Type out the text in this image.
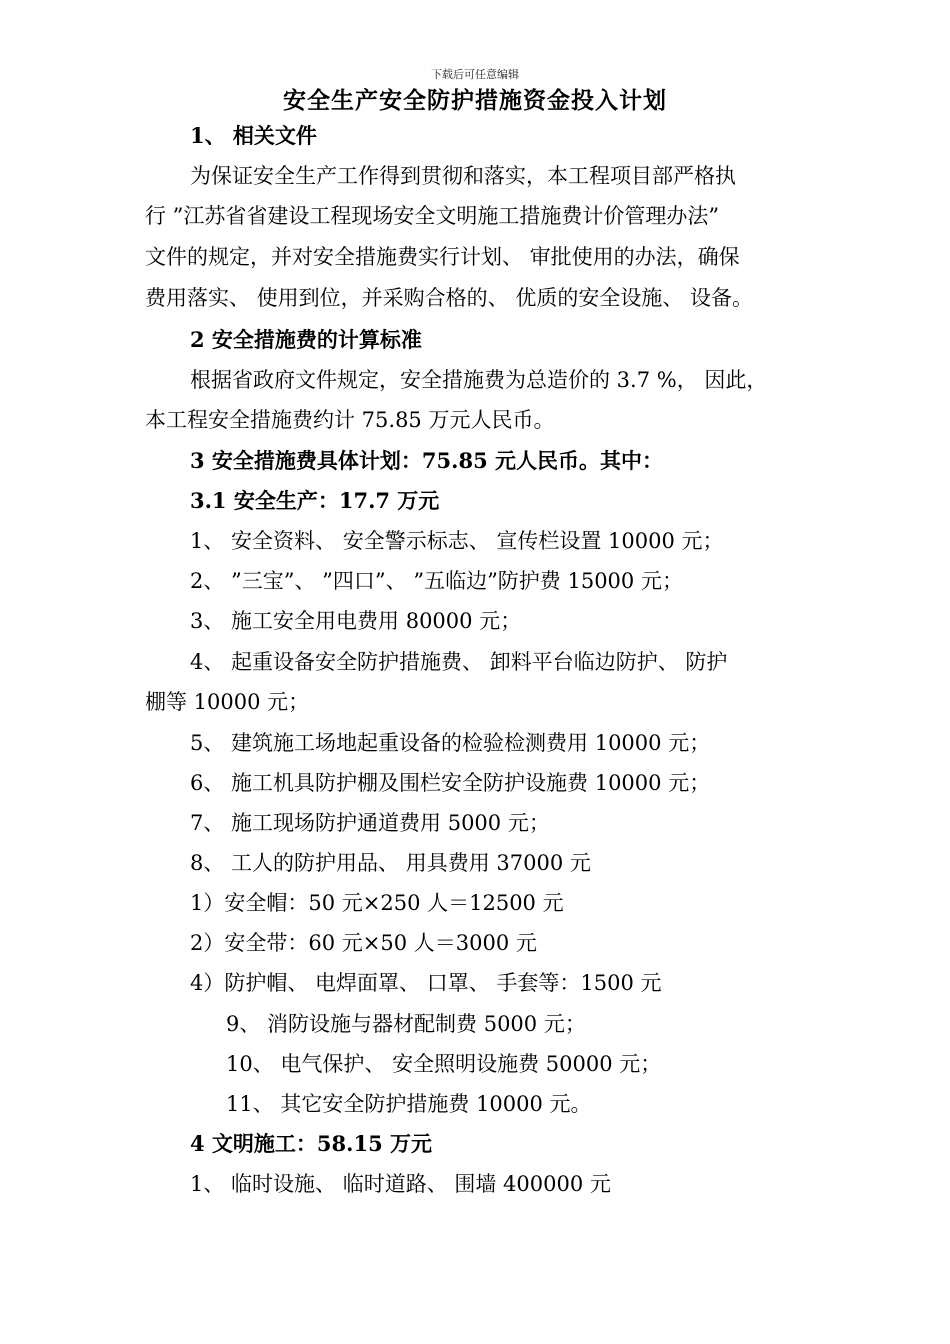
下载后可任意编辑
安全生产安全防护措施资金投入计划
1、 相关文件
为保证安全生产工作得到贯彻和落实，本工程项目部严格执
行 ”江苏省省建设工程现场安全文明施工措施费计价管理办法”
文件的规定，并对安全措施费实行计划、 审批使用的办法，确保
费用落实、 使用到位，并采购合格的、 优质的安全设施、 设备。
2 安全措施费的计算标准
根据省政府文件规定，安全措施费为总造价的 3.7 %， 因此，
本工程安全措施费约计 75.85 万元人民币。
3 安全措施费具体计划：75.85 元人民币。其中：
3.1 安全生产：17.7 万元
1、 安全资料、 安全警示标志、 宣传栏设置 10000 元；
2、 ”三宝”、 ”四口”、 ”五临边”防护费 15000 元；
3、 施工安全用电费用 80000 元；
4、 起重设备安全防护措施费、 卸料平台临边防护、 防护
棚等 10000 元；
5、 建筑施工场地起重设备的检验检测费用 10000 元；
6、 施工机具防护棚及围栏安全防护设施费 10000 元；
7、 施工现场防护通道费用 5000 元；
8、 工人的防护用品、 用具费用 37000 元
1）安全帽：50 元×250 人＝12500 元
2）安全带：60 元×50 人＝3000 元
4）防护帽、 电焊面罩、 口罩、 手套等：1500 元
9、 消防设施与器材配制费 5000 元；
10、 电气保护、 安全照明设施费 50000 元；
11、 其它安全防护措施费 10000 元。
4 文明施工：58.15 万元
1、 临时设施、 临时道路、 围墙 400000 元
